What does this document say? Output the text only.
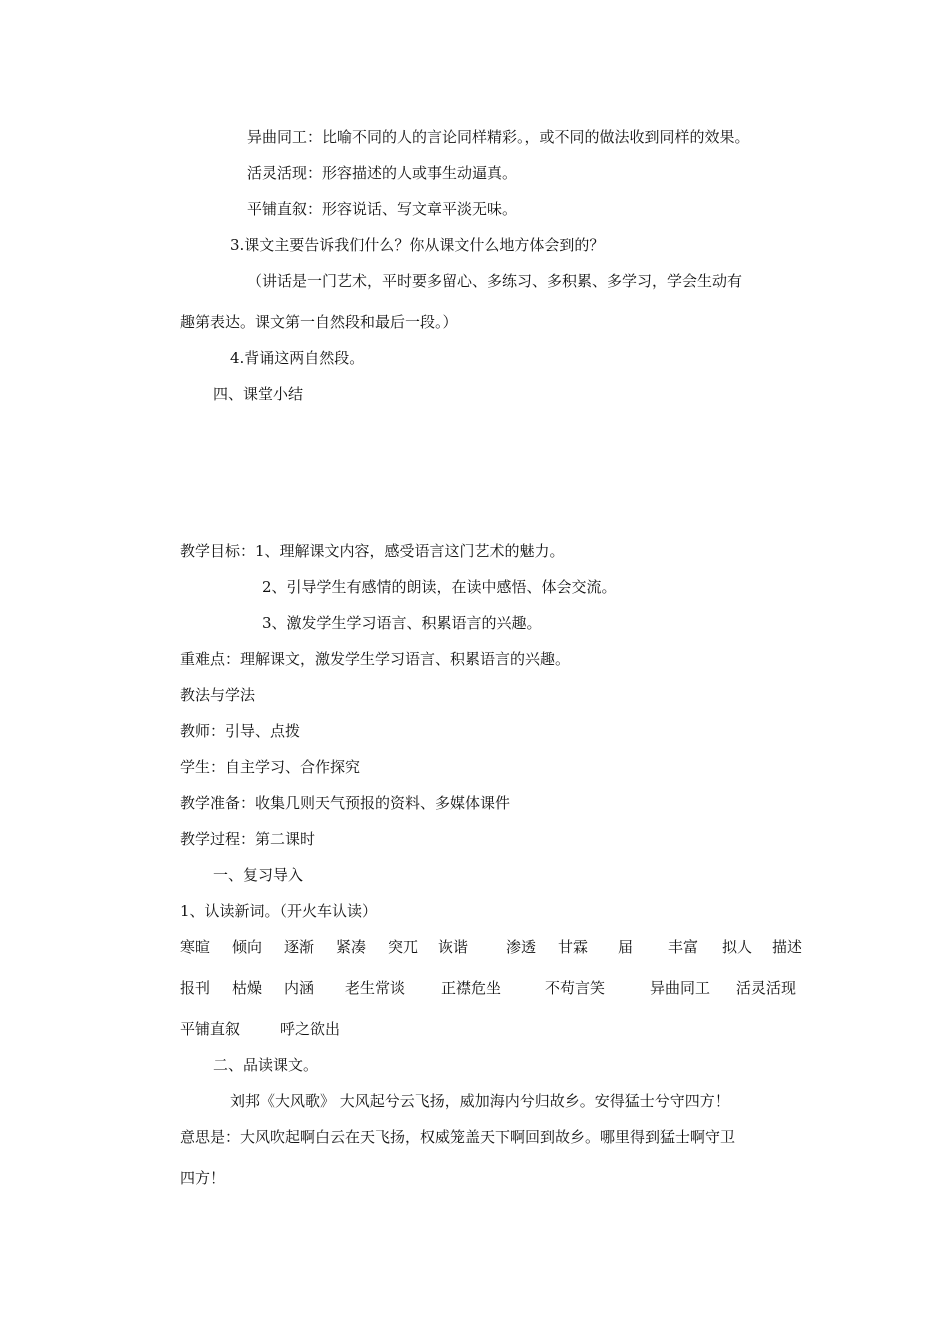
异曲同工：比喻不同的人的言论同样精彩。，或不同的做法收到同样的效果。
活灵活现：形容描述的人或事生动逼真。
平铺直叙：形容说话、写文章平淡无味。
3.课文主要告诉我们什么？你从课文什么地方体会到的？
（讲话是一门艺术，平时要多留心、多练习、多积累、多学习，学会生动有
趣第表达。课文第一自然段和最后一段。）
4.背诵这两自然段。
四、课堂小结
教学目标：1、理解课文内容，感受语言这门艺术的魅力。
2、引导学生有感情的朗读，在读中感悟、体会交流。
3、激发学生学习语言、积累语言的兴趣。
重难点：理解课文，激发学生学习语言、积累语言的兴趣。
教法与学法
教师：引导、点拨
学生：自主学习、合作探究
教学准备：收集几则天气预报的资料、多媒体课件
教学过程：第二课时
一、复习导入
1、认读新词。（开火车认读）
寒暄 倾向 逐渐 紧凑 突兀 诙谐	渗透 甘霖 届 丰富 拟人 描述
报刊 枯燥 内涵 老生常谈 正襟危坐	不苟言笑	异曲同工 活灵活现
平铺直叙	呼之欲出
二、品读课文。
刘邦《大风歌》 大风起兮云飞扬，威加海内兮归故乡。安得猛士兮守四方！
意思是：大风吹起啊白云在天飞扬，权威笼盖天下啊回到故乡。哪里得到猛士啊守卫
四方！
